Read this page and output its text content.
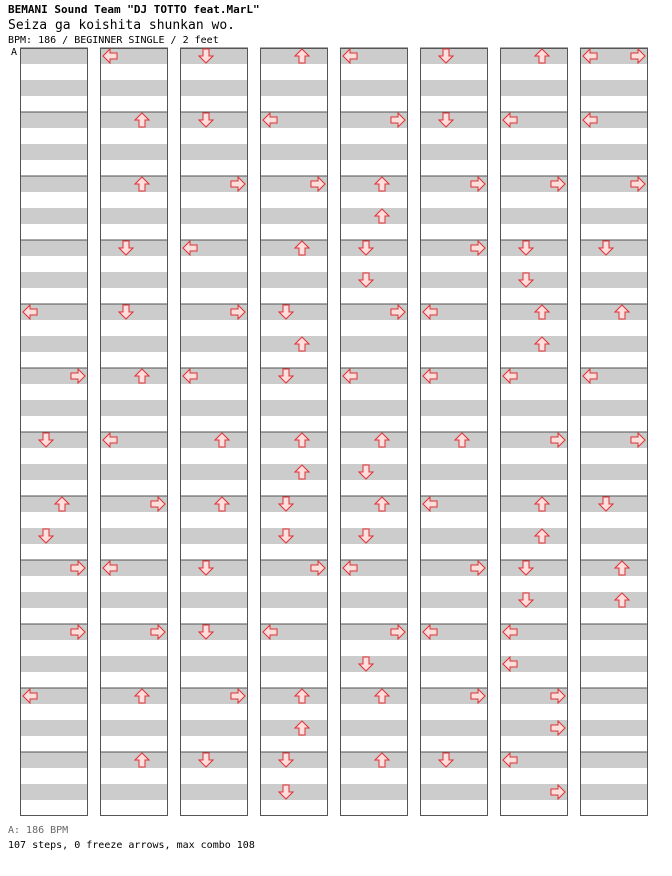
BEMANI Sound Team "DJ TOTTO feat.MarL"
Seiza ga koishita shunkan wo.
BPM: 186 / BEGINNER SINGLE / 2 feet
A
A: 186 BPM
107 steps, 0 freeze arrows, max combo 108
